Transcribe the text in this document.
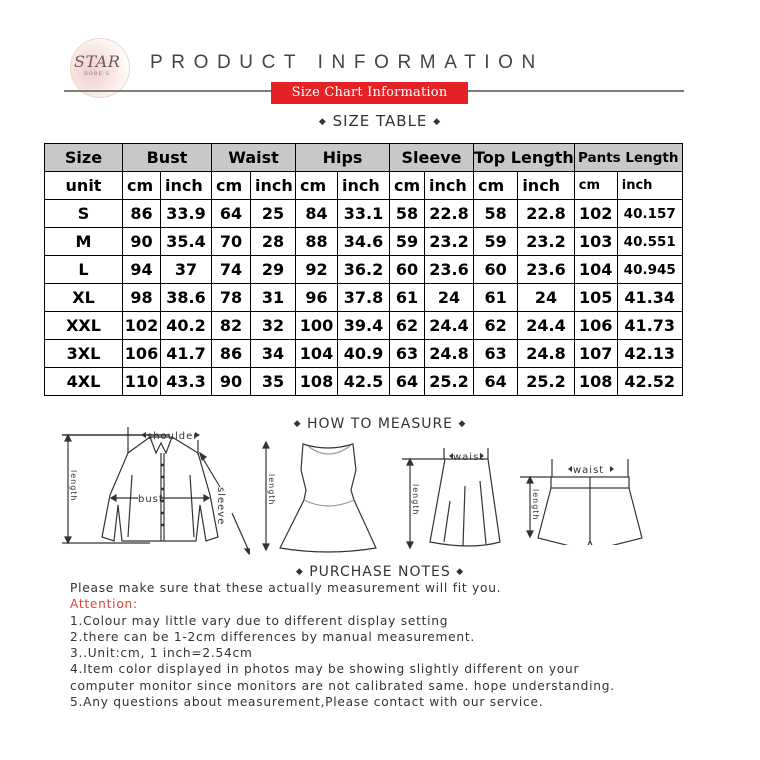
STAR
ROBE'S
PRODUCT INFORMATION
Size Chart Information
◆ SIZE TABLE ◆
Size	Bust		Waist		Hips		Sleeve		Top Length		Pants Length	
unit	cm	inch	cm	inch	cm	inch	cm	inch	cm	inch	cm	inch
S	86	33.9	64	25	84	33.1	58	22.8	58	22.8	102	40.157
M	90	35.4	70	28	88	34.6	59	23.2	59	23.2	103	40.551
L	94	37	74	29	92	36.2	60	23.6	60	23.6	104	40.945
XL	98	38.6	78	31	96	37.8	61	24	61	24	105	41.34
XXL	102	40.2	82	32	100	39.4	62	24.4	62	24.4	106	41.73
3XL	106	41.7	86	34	104	40.9	63	24.8	63	24.8	107	42.13
4XL	110	43.3	90	35	108	42.5	64	25.2	64	25.2	108	42.52
◆ HOW TO MEASURE ◆
shoulder
bust	sleeve
length	length
waist
length
waist
length
◆ PURCHASE NOTES ◆

Please make sure that these actually measurement will fit you.

Attention:

1.Colour may little vary due to different display setting

2.there can be 1-2cm differences by manual measurement.

3..Unit:cm, 1 inch=2.54cm

4.Item color displayed in photos may be showing slightly different on your

computer monitor since monitors are not calibrated same. hope understanding.

5.Any questions about measurement,Please contact with our service.
